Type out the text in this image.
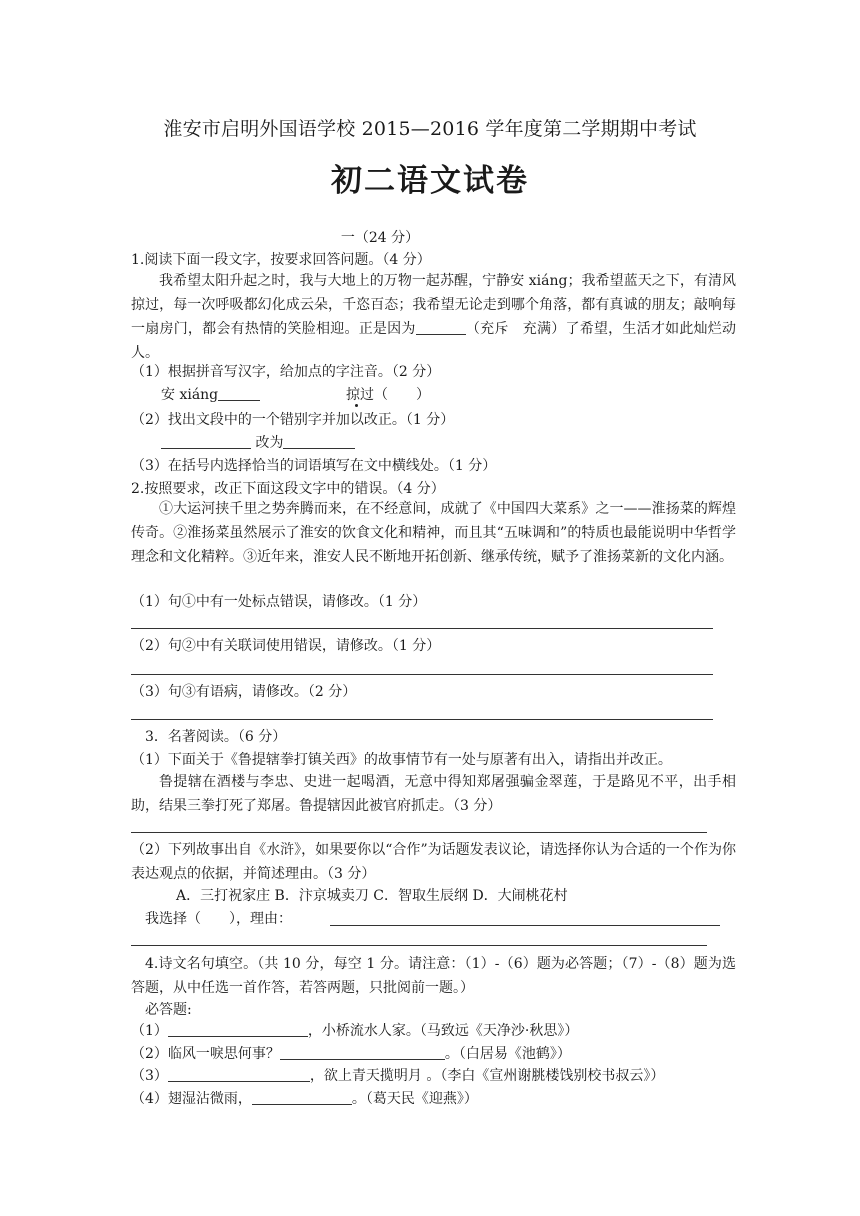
淮安市启明外国语学校 2015—2016 学年度第二学期期中考试
初二语文试卷
一（24 分）
1.阅读下面一段文字，按要求回答问题。（4 分）
我希望太阳升起之时，我与大地上的万物一起苏醒，宁静安 xiáng；我希望蓝天之下，有清风掠过，每一次呼吸都幻化成云朵，千恣百态；我希望无论走到哪个角落，都有真诚的朋友；敲响每一扇房门，都会有热情的笑脸相迎。正是因为	（充斥　充满）了希望，生活才如此灿烂动人。
（1）根据拼音写汉字，给加点的字注音。（2 分）
安 xiáng	掠过（　　）
（2）找出文段中的一个错别字并加以改正。（1 分）
改为
（3）在括号内选择恰当的词语填写在文中横线处。（1 分）
2.按照要求，改正下面这段文字中的错误。（4 分）
①大运河挟千里之势奔腾而来，在不经意间，成就了《中国四大菜系》之一——淮扬菜的辉煌传奇。②淮扬菜虽然展示了淮安的饮食文化和精神，而且其“五味调和”的特质也最能说明中华哲学理念和文化精粹。③近年来，淮安人民不断地开拓创新、继承传统，赋予了淮扬菜新的文化内涵。
（1）句①中有一处标点错误，请修改。（1 分）
（2）句②中有关联词使用错误，请修改。（1 分）
（3）句③有语病，请修改。（2 分）
3．名著阅读。（6 分）
（1）下面关于《鲁提辖拳打镇关西》的故事情节有一处与原著有出入，请指出并改正。
鲁提辖在酒楼与李忠、史进一起喝酒，无意中得知郑屠强骗金翠莲，于是路见不平，出手相助，结果三拳打死了郑屠。鲁提辖因此被官府抓走。（3 分）
（2）下列故事出自《水浒》，如果要你以“合作”为话题发表议论，请选择你认为合适的一个作为你表达观点的依据，并简述理由。（3 分）
A．三打祝家庄 B．汴京城卖刀 C．智取生辰纲 D．大闹桃花村
我选择（　　），理由：
4.诗文名句填空。（共 10 分，每空 1 分。请注意：（1）-（6）题为必答题；（7）-（8）题为选答题，从中任选一首作答，若答两题，只批阅前一题。）
必答题:
（1）	，小桥流水人家。（马致远《天净沙·秋思》）
（2）临风一唳思何事？	。（白居易《池鹤》）
（3）	，欲上青天揽明月 。（李白《宣州谢脁楼饯别校书叔云》）
（4）翅湿沾微雨，	。（葛天民《迎燕》）
